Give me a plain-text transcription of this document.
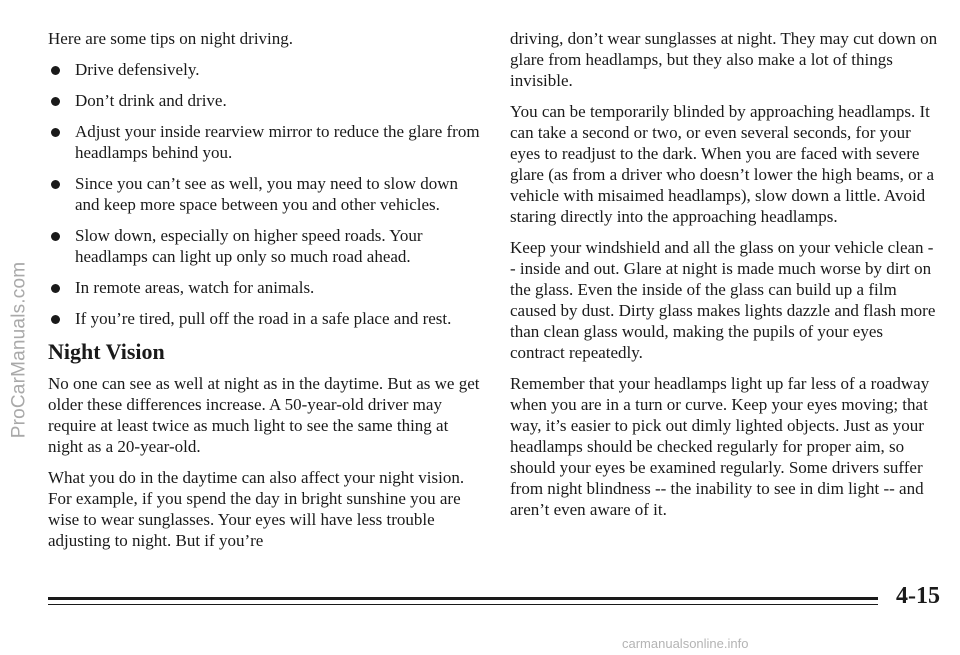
ProCarManuals.com

Here are some tips on night driving.

Drive defensively.
Don’t drink and drive.
Adjust your inside rearview mirror to reduce the glare from headlamps behind you.
Since you can’t see as well, you may need to slow down and keep more space between you and other vehicles.
Slow down, especially on higher speed roads. Your headlamps can light up only so much road ahead.
In remote areas, watch for animals.
If you’re tired, pull off the road in a safe place and rest.
Night Vision

No one can see as well at night as in the daytime. But as we get older these differences increase. A 50-year-old driver may require at least twice as much light to see the same thing at night as a 20-year-old.

What you do in the daytime can also affect your night vision. For example, if you spend the day in bright sunshine you are wise to wear sunglasses. Your eyes will have less trouble adjusting to night. But if you’re

driving, don’t wear sunglasses at night. They may cut down on glare from headlamps, but they also make a lot of things invisible.

You can be temporarily blinded by approaching headlamps. It can take a second or two, or even several seconds, for your eyes to readjust to the dark. When you are faced with severe glare (as from a driver who doesn’t lower the high beams, or a vehicle with misaimed headlamps), slow down a little. Avoid staring directly into the approaching headlamps.

Keep your windshield and all the glass on your vehicle clean -- inside and out. Glare at night is made much worse by dirt on the glass. Even the inside of the glass can build up a film caused by dust. Dirty glass makes lights dazzle and flash more than clean glass would, making the pupils of your eyes contract repeatedly.

Remember that your headlamps light up far less of a roadway when you are in a turn or curve. Keep your eyes moving; that way, it’s easier to pick out dimly lighted objects. Just as your headlamps should be checked regularly for proper aim, so should your eyes be examined regularly. Some drivers suffer from night blindness -- the inability to see in dim light -- and aren’t even aware of it.

4-15
carmanualsonline.info
